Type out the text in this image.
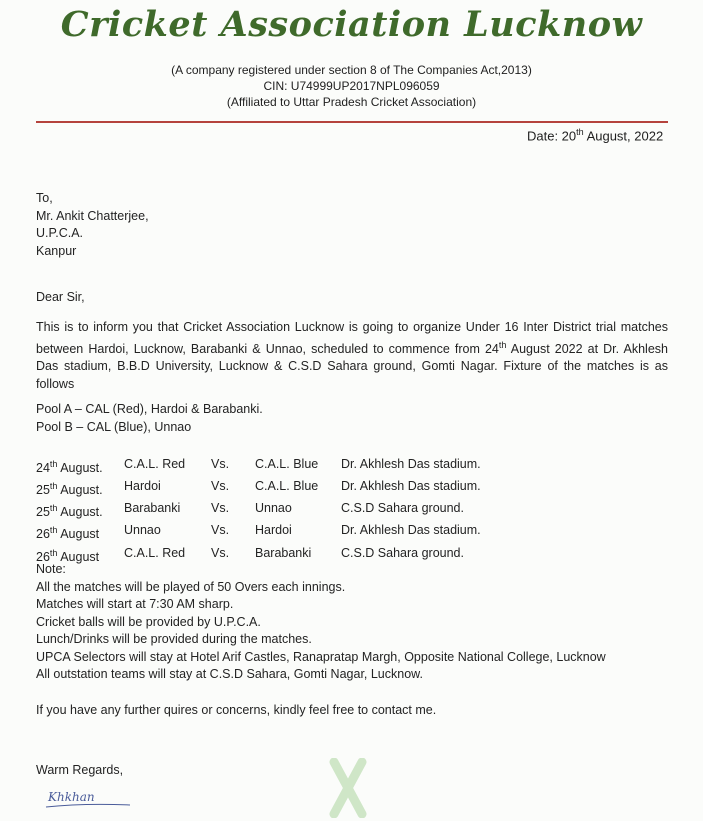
Cricket Association Lucknow
(A company registered under section 8 of The Companies Act,2013)
CIN: U74999UP2017NPL096059
(Affiliated to Uttar Pradesh Cricket Association)
Date: 20th August, 2022
To,
Mr. Ankit Chatterjee,
U.P.C.A.
Kanpur
Dear Sir,
This is to inform you that Cricket Association Lucknow is going to organize Under 16 Inter District trial matches between Hardoi, Lucknow, Barabanki & Unnao, scheduled to commence from 24th August 2022 at Dr. Akhlesh Das stadium, B.B.D University, Lucknow & C.S.D Sahara ground, Gomti Nagar. Fixture of the matches is as follows
Pool A – CAL (Red), Hardoi & Barabanki.
Pool B – CAL (Blue), Unnao
24th August.	C.A.L. Red	Vs.	C.A.L. Blue	Dr. Akhlesh Das stadium.
25th August.	Hardoi	Vs.	C.A.L. Blue	Dr. Akhlesh Das stadium.
25th August.	Barabanki	Vs.	Unnao	C.S.D Sahara ground.
26th August	Unnao	Vs.	Hardoi	Dr. Akhlesh Das stadium.
26th August	C.A.L. Red	Vs.	Barabanki	C.S.D Sahara ground.
Note:
All the matches will be played of 50 Overs each innings.
Matches will start at 7:30 AM sharp.
Cricket balls will be provided by U.P.C.A.
Lunch/Drinks will be provided during the matches.
UPCA Selectors will stay at Hotel Arif Castles, Ranapratap Margh, Opposite National College, Lucknow
All outstation teams will stay at C.S.D Sahara, Gomti Nagar, Lucknow.
If you have any further quires or concerns, kindly feel free to contact me.
Warm Regards,
Khkhan
